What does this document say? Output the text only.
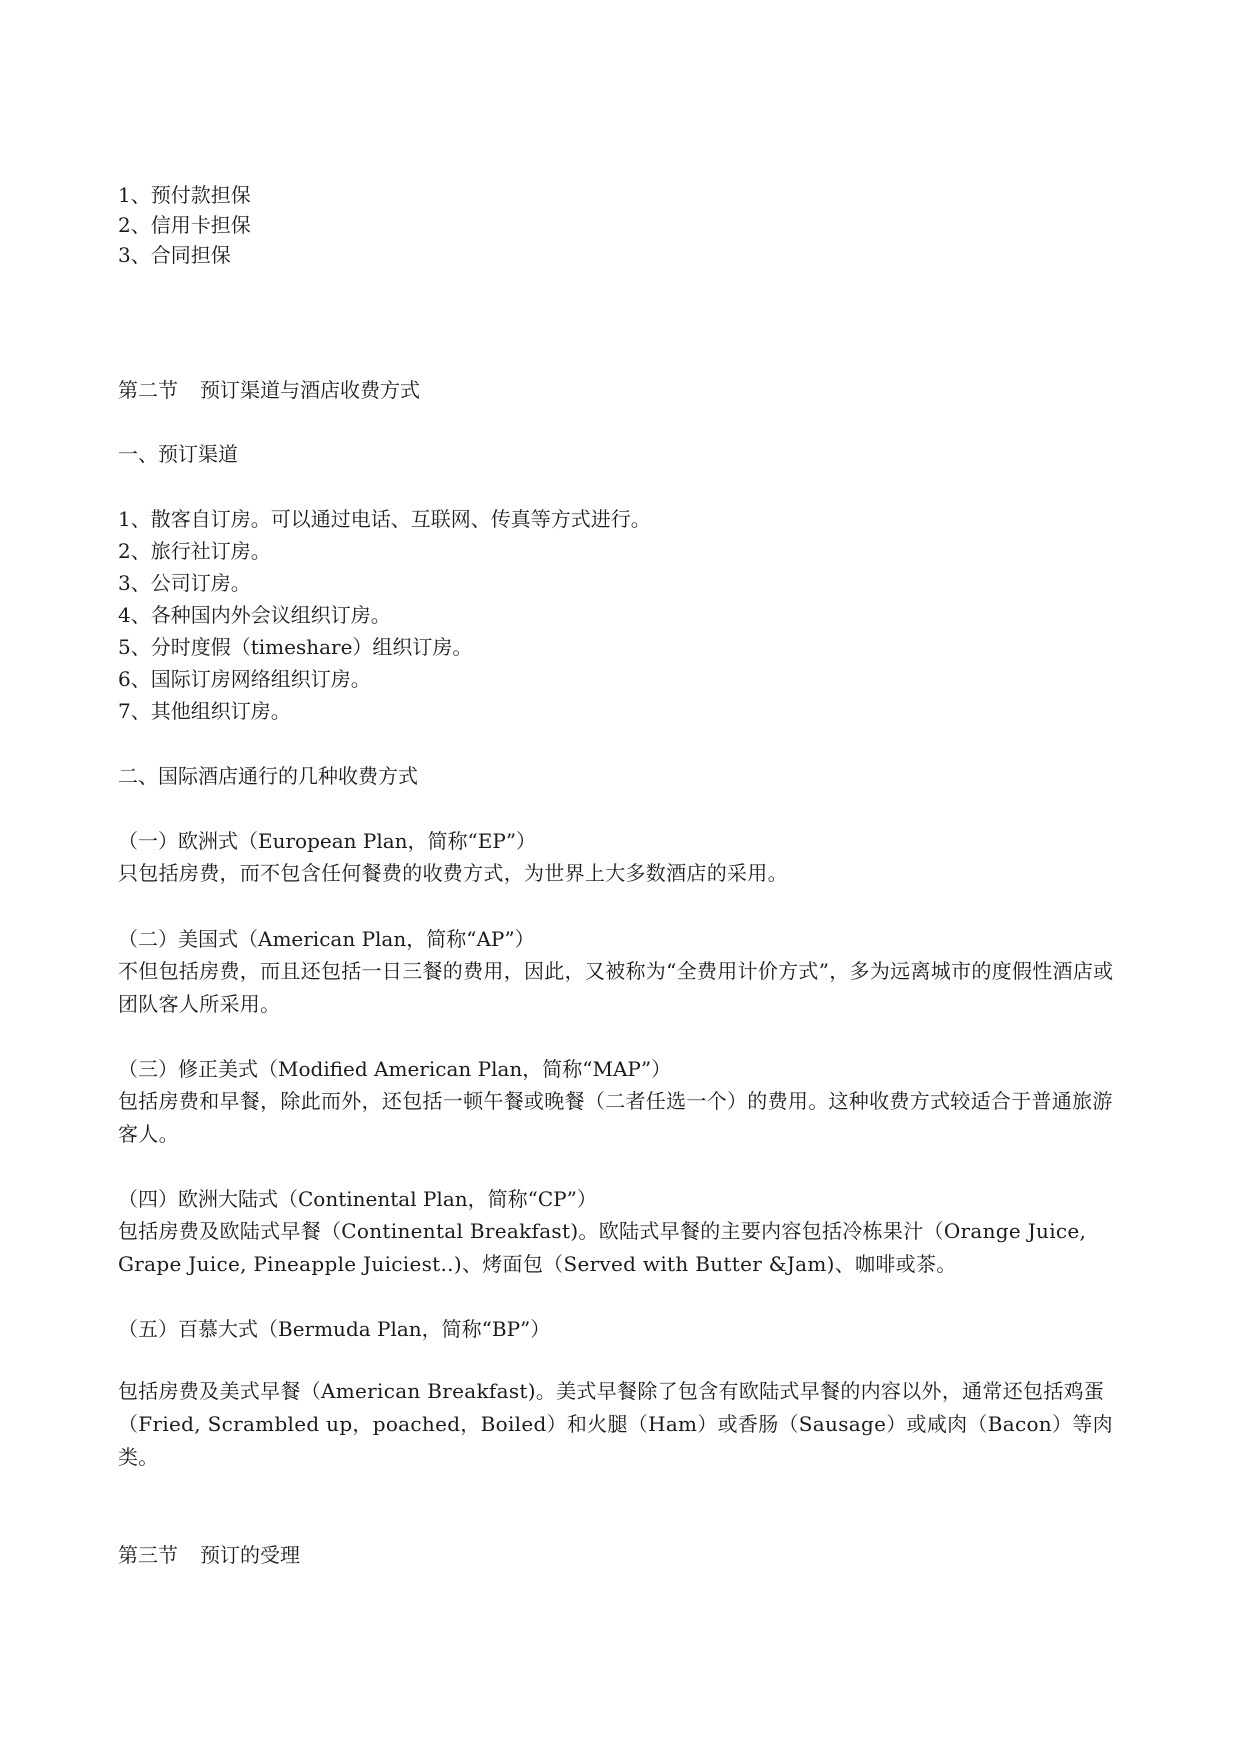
1、预付款担保
2、信用卡担保
3、合同担保
第二节 预订渠道与酒店收费方式
一、预订渠道
1、散客自订房。可以通过电话、互联网、传真等方式进行。
2、旅行社订房。
3、公司订房。
4、各种国内外会议组织订房。
5、分时度假（timeshare）组织订房。
6、国际订房网络组织订房。
7、其他组织订房。
二、国际酒店通行的几种收费方式
（一）欧洲式（European Plan，简称“EP”）
只包括房费，而不包含任何餐费的收费方式，为世界上大多数酒店的采用。
（二）美国式（American Plan，简称“AP”）
不但包括房费，而且还包括一日三餐的费用，因此，又被称为“全费用计价方式”，多为远离城市的度假性酒店或团队客人所采用。
（三）修正美式（Modified American Plan，简称“MAP”）
包括房费和早餐，除此而外，还包括一顿午餐或晚餐（二者任选一个）的费用。这种收费方式较适合于普通旅游客人。
（四）欧洲大陆式（Continental Plan，简称“CP”）
包括房费及欧陆式早餐（Continental Breakfast)。欧陆式早餐的主要内容包括冷栋果汁（Orange Juice, Grape Juice, Pineapple Juiciest..)、烤面包（Served with Butter &Jam)、咖啡或茶。
（五）百慕大式（Bermuda Plan，简称“BP”）
包括房费及美式早餐（American Breakfast)。美式早餐除了包含有欧陆式早餐的内容以外，通常还包括鸡蛋（Fried, Scrambled up，poached，Boiled）和火腿（Ham）或香肠（Sausage）或咸肉（Bacon）等肉类。
第三节 预订的受理
